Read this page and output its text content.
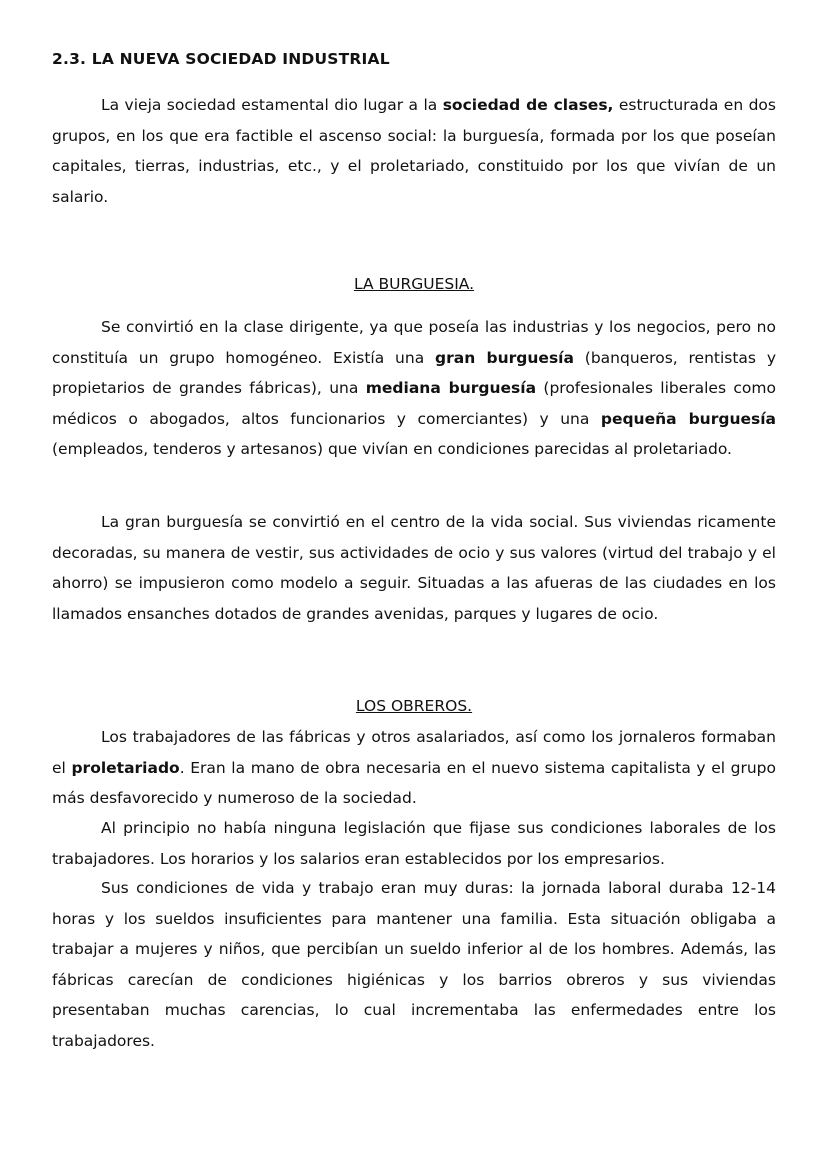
2.3. LA NUEVA SOCIEDAD INDUSTRIAL

La vieja sociedad estamental dio lugar a la sociedad de clases, estructurada en dos grupos, en los que era factible el ascenso social: la burguesía, formada por los que poseían capitales, tierras, industrias, etc., y el proletariado, constituido por los que vivían de un salario.

LA BURGUESIA.

Se convirtió en la clase dirigente, ya que poseía las industrias y los negocios, pero no constituía un grupo homogéneo. Existía una gran burguesía (banqueros, rentistas y propietarios de grandes fábricas), una mediana burguesía (profesionales liberales como médicos o abogados, altos funcionarios y comerciantes) y una pequeña burguesía (empleados, tenderos y artesanos) que vivían en condiciones parecidas al proletariado.

La gran burguesía se convirtió en el centro de la vida social. Sus viviendas ricamente decoradas, su manera de vestir, sus actividades de ocio y sus valores (virtud del trabajo y el ahorro) se impusieron como modelo a seguir. Situadas a las afueras de las ciudades en los llamados ensanches dotados de grandes avenidas, parques y lugares de ocio.

LOS OBREROS.

Los trabajadores de las fábricas y otros asalariados, así como los jornaleros formaban el proletariado. Eran la mano de obra necesaria en el nuevo sistema capitalista y el grupo más desfavorecido y numeroso de la sociedad.

Al principio no había ninguna legislación que fijase sus condiciones laborales de los trabajadores. Los horarios y los salarios eran establecidos por los empresarios.

Sus condiciones de vida y trabajo eran muy duras: la jornada laboral duraba 12-14 horas y los sueldos insuficientes para mantener una familia. Esta situación obligaba a trabajar a mujeres y niños, que percibían un sueldo inferior al de los hombres. Además, las fábricas carecían de condiciones higiénicas y los barrios obreros y sus viviendas presentaban muchas carencias, lo cual incrementaba las enfermedades entre los trabajadores.
